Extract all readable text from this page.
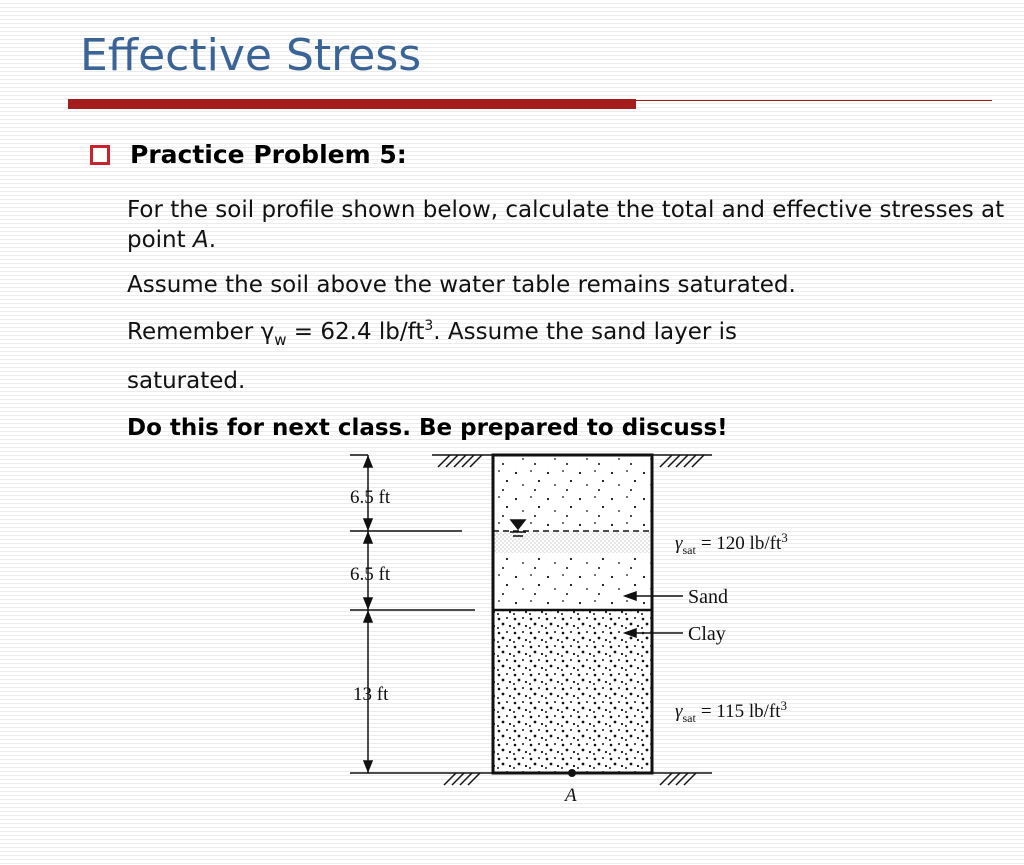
Effective Stress
Practice Problem 5:
For the soil profile shown below, calculate the total and effective stresses at point A.
Assume the soil above the water table remains saturated.
Remember $\gamma_w = 62.4$ $lb/ft^3$. Assume the sand layer is
saturated.
Do this for next class. Be prepared to discuss!
6.5 ft
6.5 ft
13 ft
$\gamma_{sat} = 120$ $lb/ft^3$
Sand
Clay
$\gamma_{sat} = 115$ $lb/ft^3$
A
